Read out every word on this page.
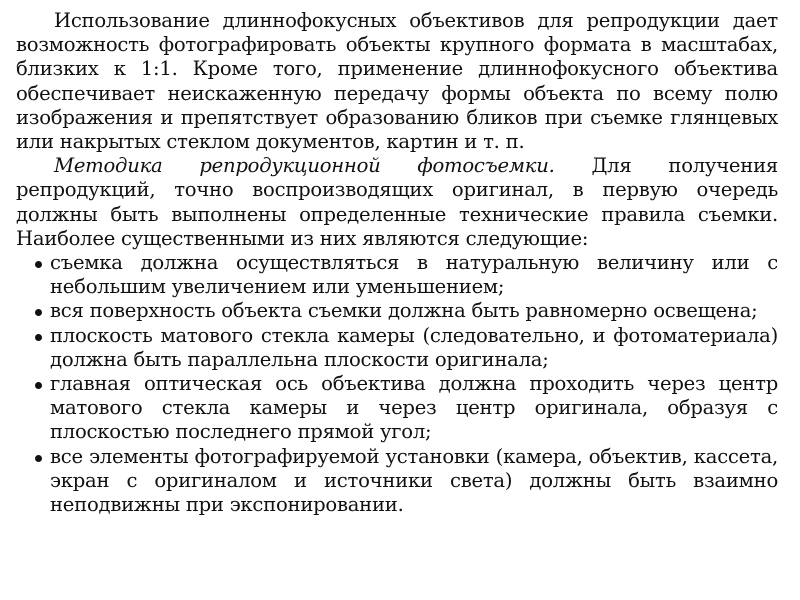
Использование длиннофокусных объективов для репродукции дает возможность фотографировать объекты крупного формата в масштабах, близких к 1:1. Кроме того, применение длиннофокусного объектива обеспечивает неискаженную передачу формы объекта по всему полю изображения и препятствует образованию бликов при съемке глянцевых или накрытых стеклом документов, картин и т. п.

Методика репродукционной фотосъемки. Для получения репродукций, точно воспроизводящих оригинал, в первую очередь должны быть выполнены определенные технические правила съемки. Наиболее существенными из них являются следующие:

съемка должна осуществляться в натуральную величину или с небольшим увеличением или уменьшением;
вся поверхность объекта съемки должна быть равномерно освещена;
плоскость матового стекла камеры (следовательно, и фотоматериала) должна быть параллельна плоскости оригинала;
главная оптическая ось объектива должна проходить через центр матового стекла камеры и через центр оригинала, образуя с плоскостью последнего прямой угол;
все элементы фотографируемой установки (камера, объектив, кассета, экран с оригиналом и источники света) должны быть взаимно неподвижны при экспонировании.
